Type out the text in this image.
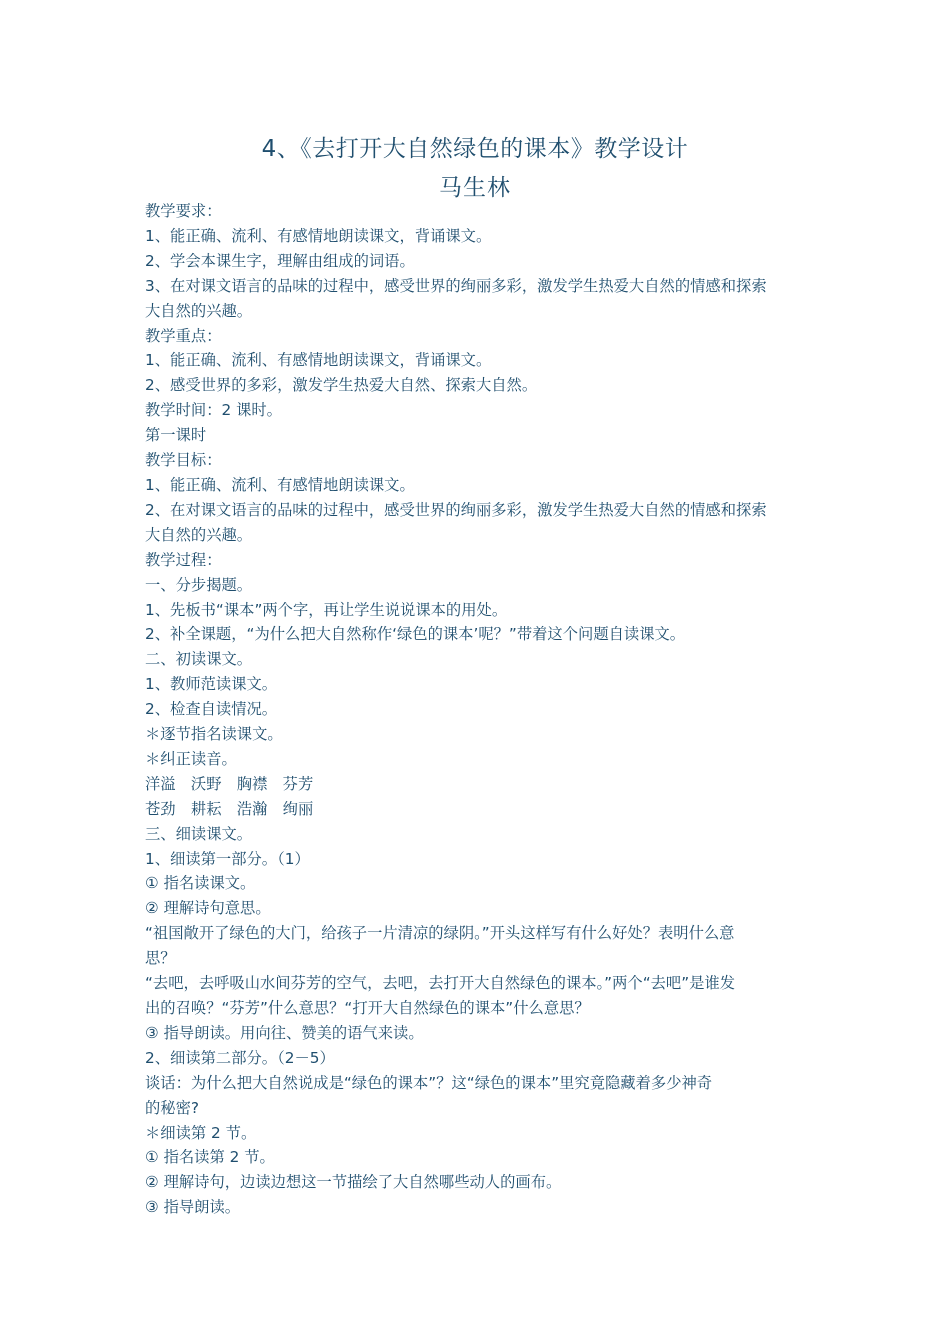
4、《去打开大自然绿色的课本》教学设计
马生林
教学要求：
1、能正确、流利、有感情地朗读课文，背诵课文。
2、学会本课生字，理解由组成的词语。
3、在对课文语言的品味的过程中，感受世界的绚丽多彩，激发学生热爱大自然的情感和探索
大自然的兴趣。
教学重点：
1、能正确、流利、有感情地朗读课文，背诵课文。
2、感受世界的多彩，激发学生热爱大自然、探索大自然。
教学时间：2 课时。
第一课时
教学目标：
1、能正确、流利、有感情地朗读课文。
2、在对课文语言的品味的过程中，感受世界的绚丽多彩，激发学生热爱大自然的情感和探索
大自然的兴趣。
教学过程：
一、分步揭题。
1、先板书“课本”两个字，再让学生说说课本的用处。
2、补全课题，“为什么把大自然称作‘绿色的课本’呢？”带着这个问题自读课文。
二、初读课文。
1、教师范读课文。
2、检查自读情况。
＊逐节指名读课文。
＊纠正读音。
洋溢　沃野　胸襟　芬芳
苍劲　耕耘　浩瀚　绚丽
三、细读课文。
1、细读第一部分。（1）
① 指名读课文。
② 理解诗句意思。
“祖国敞开了绿色的大门，给孩子一片清凉的绿阴。”开头这样写有什么好处？表明什么意
思？
“去吧，去呼吸山水间芬芳的空气，去吧，去打开大自然绿色的课本。”两个“去吧”是谁发
出的召唤？“芬芳”什么意思？“打开大自然绿色的课本”什么意思？
③ 指导朗读。用向往、赞美的语气来读。
2、细读第二部分。（2－5）
谈话：为什么把大自然说成是“绿色的课本”？这“绿色的课本”里究竟隐藏着多少神奇
的秘密?
＊细读第 2 节。
① 指名读第 2 节。
② 理解诗句，边读边想这一节描绘了大自然哪些动人的画布。
③ 指导朗读。
